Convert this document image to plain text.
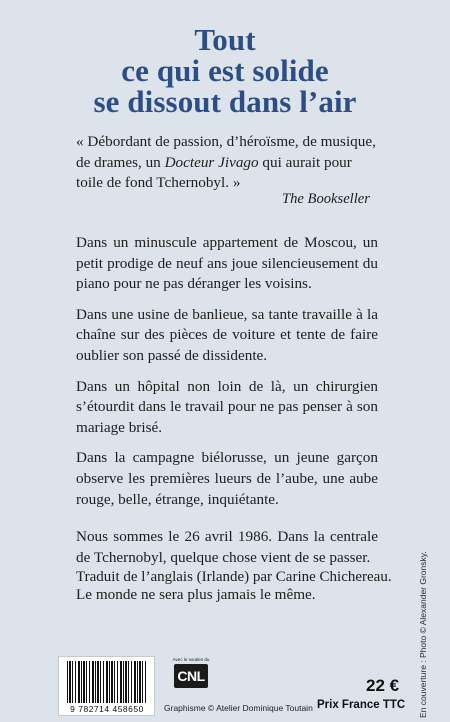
Tout
ce qui est solide
se dissout dans l’air
« Débordant de passion, d’héroïsme, de musique, de drames, un Docteur Jivago qui aurait pour toile de fond Tchernobyl. »
The Bookseller

Dans un minuscule appartement de Moscou, un petit prodige de neuf ans joue silencieusement du piano pour ne pas déranger les voisins.

Dans une usine de banlieue, sa tante travaille à la chaîne sur des pièces de voiture et tente de faire oublier son passé de dissidente.

Dans un hôpital non loin de là, un chirurgien s’étourdit dans le travail pour ne pas penser à son mariage brisé.

Dans la campagne biélorusse, un jeune garçon observe les premières lueurs de l’aube, une aube rouge, belle, étrange, inquiétante.

Nous sommes le 26 avril 1986. Dans la centrale de Tchernobyl, quelque chose vient de se passer.

Le monde ne sera plus jamais le même.

Traduit de l’anglais (Irlande) par Carine Chichereau.	En couverture : Photo © Alexander Gronsky.
9 782714 458650
Avec le soutien du
CNL
Graphisme © Atelier Dominique Toutain
22 €
Prix France TTC
